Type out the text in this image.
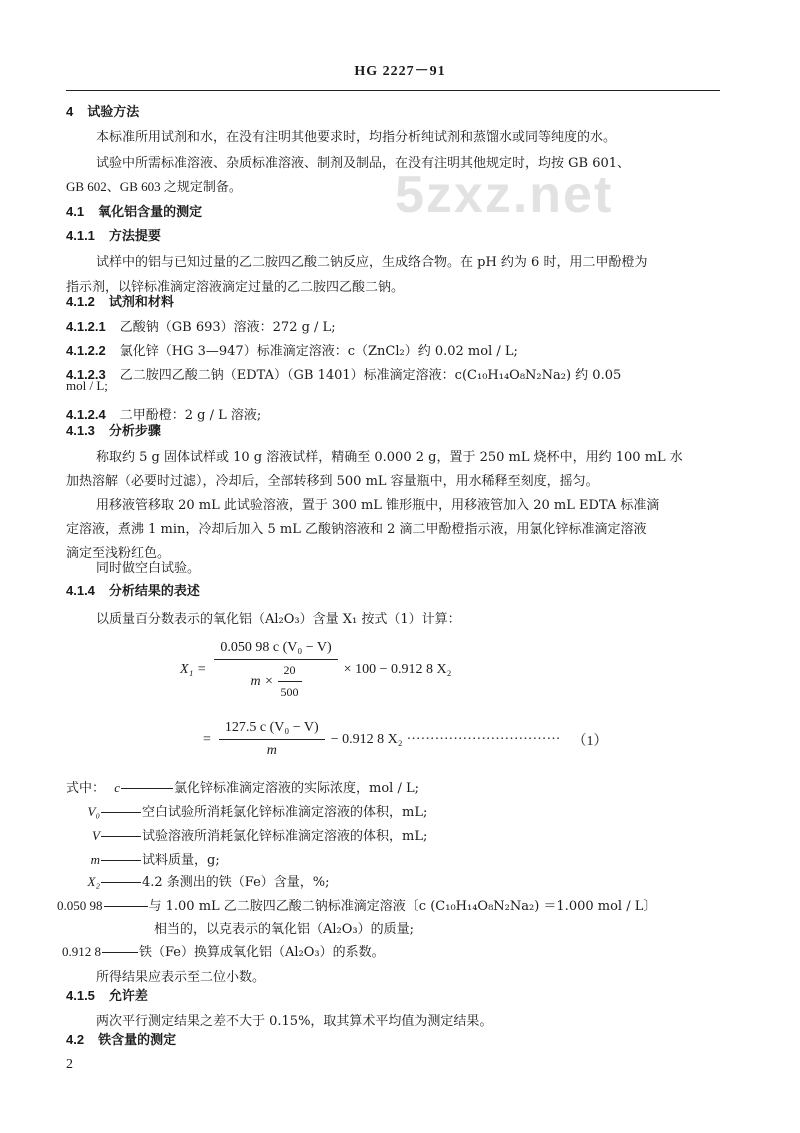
HG 2227－91
5zxz.net
4 试验方法
本标准所用试剂和水，在没有注明其他要求时，均指分析纯试剂和蒸馏水或同等纯度的水。
试验中所需标准溶液、杂质标准溶液、制剂及制品，在没有注明其他规定时，均按 GB 601、
GB 602、GB 603 之规定制备。
4.1 氧化铝含量的测定
4.1.1 方法提要
试样中的铝与已知过量的乙二胺四乙酸二钠反应，生成络合物。在 pH 约为 6 时，用二甲酚橙为
指示剂，以锌标准滴定溶液滴定过量的乙二胺四乙酸二钠。
4.1.2 试剂和材料
4.1.2.1 乙酸钠（GB 693）溶液：272 g / L;
4.1.2.2 氯化锌（HG 3—947）标准滴定溶液：c（ZnCl₂）约 0.02 mol / L;
4.1.2.3 乙二胺四乙酸二钠（EDTA）（GB 1401）标准滴定溶液：c(C₁₀H₁₄O₈N₂Na₂) 约 0.05
mol / L;
4.1.2.4 二甲酚橙：2 g / L 溶液;
4.1.3 分析步骤
称取约 5 g 固体试样或 10 g 溶液试样，精确至 0.000 2 g，置于 250 mL 烧杯中，用约 100 mL 水
加热溶解（必要时过滤），冷却后，全部转移到 500 mL 容量瓶中，用水稀释至刻度，摇匀。
用移液管移取 20 mL 此试验溶液，置于 300 mL 锥形瓶中，用移液管加入 20 mL EDTA 标准滴
定溶液，煮沸 1 min，冷却后加入 5 mL 乙酸钠溶液和 2 滴二甲酚橙指示液，用氯化锌标准滴定溶液
滴定至浅粉红色。
同时做空白试验。
4.1.4 分析结果的表述
以质量百分数表示的氧化铝（Al₂O₃）含量 X₁ 按式（1）计算：
$X_1 = \frac{\text{0.050 98 c (V₀ − V)}}{m \times \frac{20}{500}} \times 100 - 0.912$ 8 X₂
= $\frac{\text{127.5 c (V₀ − V)}}{m} - 0.912$ 8 X₂ ································· （1）
式中： c	氯化锌标准滴定溶液的实际浓度，mol / L;
V₀	空白试验所消耗氯化锌标准滴定溶液的体积，mL;
V	试验溶液所消耗氯化锌标准滴定溶液的体积，mL;
m	试料质量，g;
X₂	4.2 条测出的铁（Fe）含量，%;
0.050 98	与 1.00 mL 乙二胺四乙酸二钠标准滴定溶液〔c (C₁₀H₁₄O₈N₂Na₂) ＝1.000 mol / L〕
相当的，以克表示的氧化铝（Al₂O₃）的质量;
0.912 8	铁（Fe）换算成氧化铝（Al₂O₃）的系数。
所得结果应表示至二位小数。
4.1.5 允许差
两次平行测定结果之差不大于 0.15%，取其算术平均值为测定结果。
4.2 铁含量的测定
2
